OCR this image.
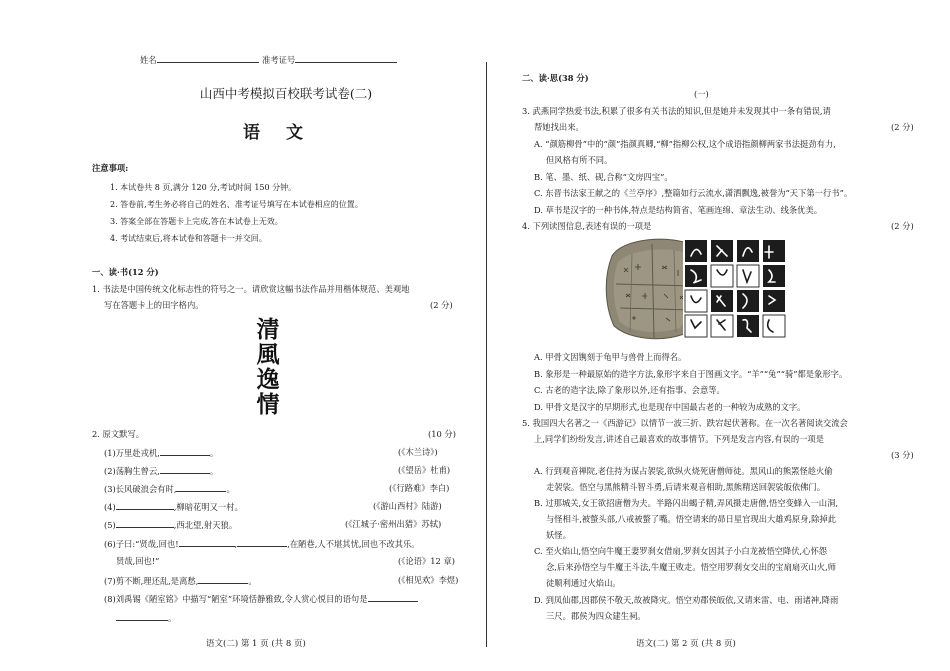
姓名	准考证号
山西中考模拟百校联考试卷(二)
语文
注意事项:
1. 本试卷共 8 页,满分 120 分,考试时间 150 分钟。
2. 答卷前,考生务必将自己的姓名、准考证号填写在本试卷相应的位置。
3. 答案全部在答题卡上完成,答在本试卷上无效。
4. 考试结束后,将本试卷和答题卡一并交回。
一、读·书(12 分)
1. 书法是中国传统文化标志性的符号之一。请欣赏这幅书法作品并用楷体规范、美观地
写在答题卡上的田字格内。	(2 分)
清
風
逸
情
2. 原文默写。	(10 分)
(1)万里赴戎机,	。	(《木兰诗》)
(2)荡胸生曾云,	。	(《望岳》杜甫)
(3)长风破浪会有时,	。	(《行路难》李白)
(4)	,柳暗花明又一村。	(《游山西村》陆游)
(5)	,西北望,射天狼。	(《江城子·密州出猎》苏轼)
(6)子曰:“贤哉,回也!	,	,在陋巷,人不堪其忧,回也不改其乐。
贤哉,回也!”	(《论语》12 章)
(7)剪不断,理还乱,是离愁,	。	(《相见欢》李煜)
(8)刘禹锡《陋室铭》中描写“陋室”环境恬静雅致,令人赏心悦目的语句是
。
语文(二) 第 1 页 (共 8 页)
二、读·思(38 分)
(一)
3. 武燕同学热爱书法,积累了很多有关书法的知识,但是她并未发现其中一条有错误,请
帮她找出来。	(2 分)
A. “颜筋柳骨”中的“颜”指颜真卿,“柳”指柳公权,这个成语指颜柳两家书法挺劲有力,
但风格有所不同。
B. 笔、墨、纸、砚,合称“文房四宝”。
C. 东晋书法家王献之的《兰亭序》,整篇如行云流水,潇洒飘逸,被誉为“天下第一行书”。
D. 草书是汉字的一种书体,特点是结构简省、笔画连绵、章法生动、线条优美。
4. 下列读图信息,表述有误的一项是	(2 分)
A. 甲骨文因镌刻于龟甲与兽骨上而得名。
B. 象形是一种最原始的造字方法,象形字来自于图画文字。“羊”“兔”“骑”都是象形字。
C. 古老的造字法,除了象形以外,还有指事、会意等。
D. 甲骨文是汉字的早期形式,也是现存中国最古老的一种较为成熟的文字。
5. 我国四大名著之一《西游记》以情节一波三折、跌宕起伏著称。在一次名著阅读交流会
上,同学们纷纷发言,讲述自己最喜欢的故事情节。下列是发言内容,有误的一项是
(3 分)
A. 行到观音禅院,老住持为谋占袈裟,欲纵火烧死唐僧师徒。黑风山的熊罴怪趁火偷
走袈裟。悟空与黑熊精斗智斗勇,后请来观音相助,黑熊精送回袈裟皈依佛门。
B. 过那城关,女王欲招唐僧为夫。半路闪出蝎子精,弄风摄走唐僧,悟空变蜂入一山洞,
与怪相斗,被螫头部,八戒被螫了嘴。悟空请来的昴日星官现出大雄鸡原身,除掉此
妖怪。
C. 至火焰山,悟空向牛魔王妻罗刹女借扇,罗刹女因其子小白龙被悟空降伏,心怀怨
念,后来孙悟空与牛魔王斗法,牛魔王败走。悟空用罗刹女交出的宝扇扇灭山火,师
徒顺利通过火焰山。
D. 到凤仙郡,因郡侯不敬天,故被降灾。悟空劝郡侯皈依,又请来雷、电、雨诸神,降雨
三尺。郡侯为四众建生祠。
语文(二) 第 2 页 (共 8 页)
